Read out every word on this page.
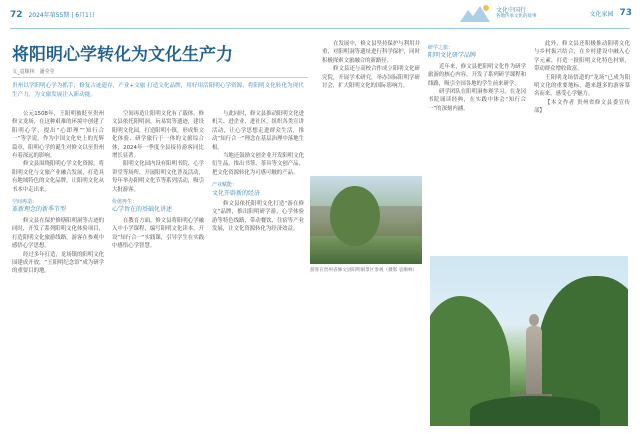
72 2024年第55期 | 6月1日
文化中国行
各地传承文化的故事	文化家园 73
将阳明心学转化为文化生产力
文_袁顺林　潘莹莹
贵州以学阳明心学为抓手，修复古迹遗存，产业+文旅 打造文化品牌，用好用活阳明心学资源，将阳明文化转化为现代生产力，为文旅发展注入新动能。

公元1508年，王阳明被贬至贵州修文龙场，在这种艰难的环境中创建了阳明心学，提出“心即理”“知行合一”等学说。作为中国文化史上的光辉篇章，阳明心学的诞生对修文以至贵州有着深远的影响。

修文县围绕阳明心学文化资源，将阳明文化与文旅产业融合发展，打造具有地域特色的文化品牌，让阳明文化从书本中走出来。

空间再造：
革新理念的新季节型

修文县在保护修缮阳明洞等古迹的同时，开发了系列阳明文化体验项目，打造阳明文化旅游线路，游客在参观中感悟心学思想。

经过多年打造，龙场镇的阳明文化园建成开放，“王阳明纪念馆”成为研学的重要目的地。

空间再造让阳明文化有了载体。修文县依托阳明洞、玩易窝等遗迹，建设阳明文化园，打造阳明小镇，形成集文化体验、研学旅行于一体的文旅综合体，2024年一季度全县接待游客同比增长显著。

阳明文化园内设有阳明书院、心学讲堂等场所，开展阳明文化普及活动，每年举办阳明文化节等系列活动，吸引大批游客。

价值再生：
心学旨在的基础化讲述

在教育方面，修文县将阳明心学融入中小学课程，编写阳明文化读本，开设“知行合一”实践课，引导学生在实践中感悟心学智慧。

与此同时，修文县推动阳明文化进机关、进企业、进社区，组织各类宣讲活动，让心学思想走进群众生活，推动“知行合一”理念在基层治理中落地生根。

当地还鼓励文创企业开发阳明文化衍生品，推出书签、茶具等文创产品，把文化资源转化为可感可触的产品。

产业赋能：
文化开辟新的经济

修文县依托阳明文化打造“游在修文”品牌，推出阳明研学游、心学体验游等特色线路，带动餐饮、住宿等产业发展，让文化资源转化为经济效益。

在发展中，修文县坚持保护与利用并重，对阳明洞等遗址进行科学保护，同时积极探索文旅融合的新路径。

修文县还与高校合作成立阳明文化研究院，开展学术研究，举办国际阳明学研讨会，扩大阳明文化的国际影响力。

游客在贵州省修文县阳明洞景区参观（摄影 袁顺林）
研学之旅：
阳明文化研学品牌

近年来，修文县把阳明文化作为研学旅游的核心内容，开发了系列研学课程和线路，吸引全国各地的学生前来研学。

研学团队在阳明洞参观学习，在龙冈书院诵读经典，在实践中体会“知行合一”的深刻内涵。

此外，修文县还积极推动阳明文化与乡村振兴结合，在乡村建设中融入心学元素，打造一批阳明文化特色村寨，带动群众增收致富。

王阳明龙场悟道的“龙场”已成为阳明文化的重要地标，越来越多的游客慕名而来，感受心学魅力。

【本文作者 贵州省修文县委宣传部】
